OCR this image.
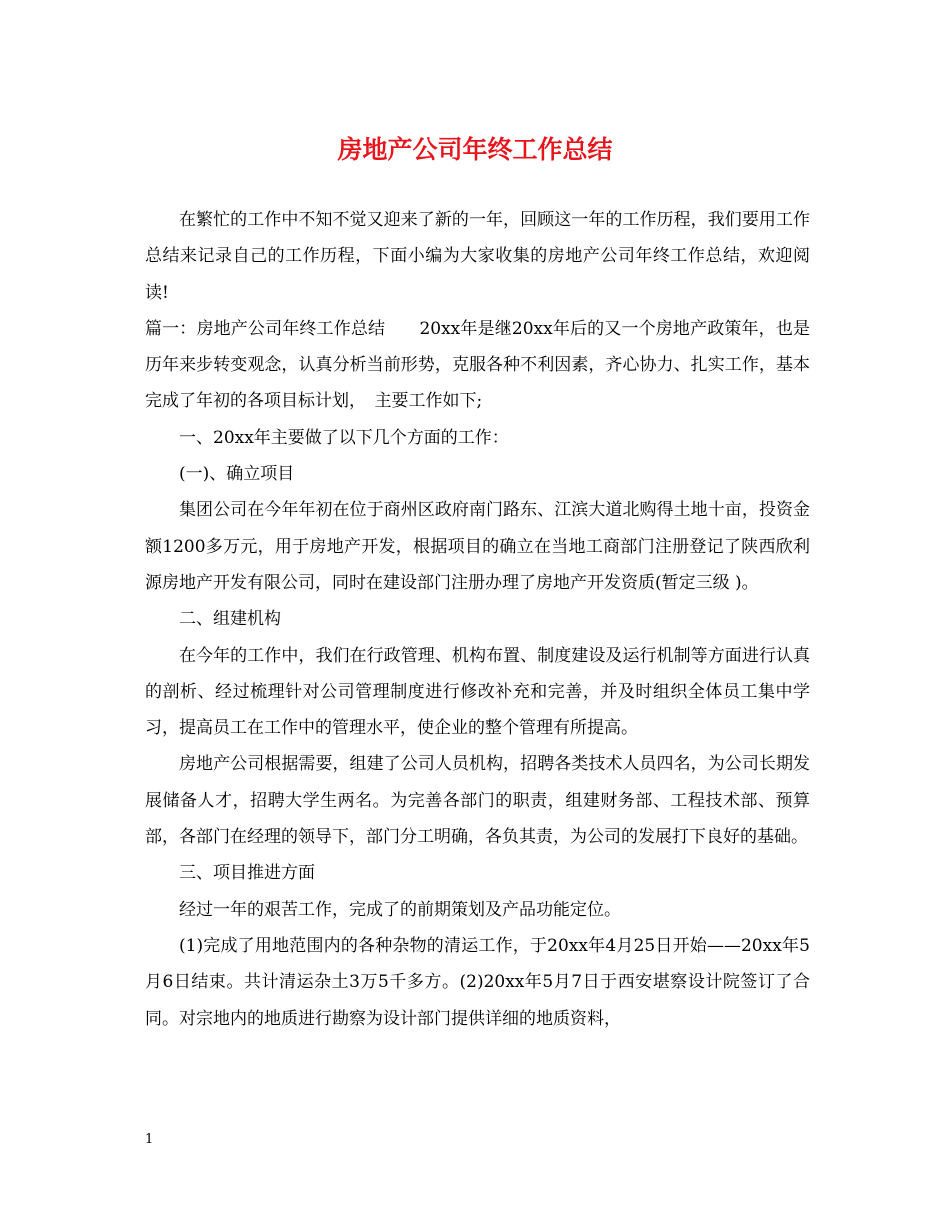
房地产公司年终工作总结

在繁忙的工作中不知不觉又迎来了新的一年，回顾这一年的工作历程，我们要用工作总结来记录自己的工作历程，下面小编为大家收集的房地产公司年终工作总结，欢迎阅读!

篇一：房地产公司年终工作总结　　20xx年是继20xx年后的又一个房地产政策年，也是历年来步转变观念，认真分析当前形势，克服各种不利因素，齐心协力、扎实工作，基本完成了年初的各项目标计划，　主要工作如下;

一、20xx年主要做了以下几个方面的工作：

(一)、确立项目

集团公司在今年年初在位于商州区政府南门路东、江滨大道北购得土地十亩，投资金额1200多万元，用于房地产开发，根据项目的确立在当地工商部门注册登记了陕西欣利源房地产开发有限公司，同时在建设部门注册办理了房地产开发资质(暂定三级 )。

二、组建机构

在今年的工作中，我们在行政管理、机构布置、制度建设及运行机制等方面进行认真的剖析、经过梳理针对公司管理制度进行修改补充和完善，并及时组织全体员工集中学习，提高员工在工作中的管理水平，使企业的整个管理有所提高。

房地产公司根据需要，组建了公司人员机构，招聘各类技术人员四名，为公司长期发展储备人才，招聘大学生两名。为完善各部门的职责，组建财务部、工程技术部、预算部，各部门在经理的领导下，部门分工明确，各负其责，为公司的发展打下良好的基础。

三、项目推进方面

经过一年的艰苦工作，完成了的前期策划及产品功能定位。

(1)完成了用地范围内的各种杂物的清运工作，于20xx年4月25日开始——20xx年5月6日结束。共计清运杂土3万5千多方。(2)20xx年5月7日于西安堪察设计院签订了合同。对宗地内的地质进行勘察为设计部门提供详细的地质资料，

1
